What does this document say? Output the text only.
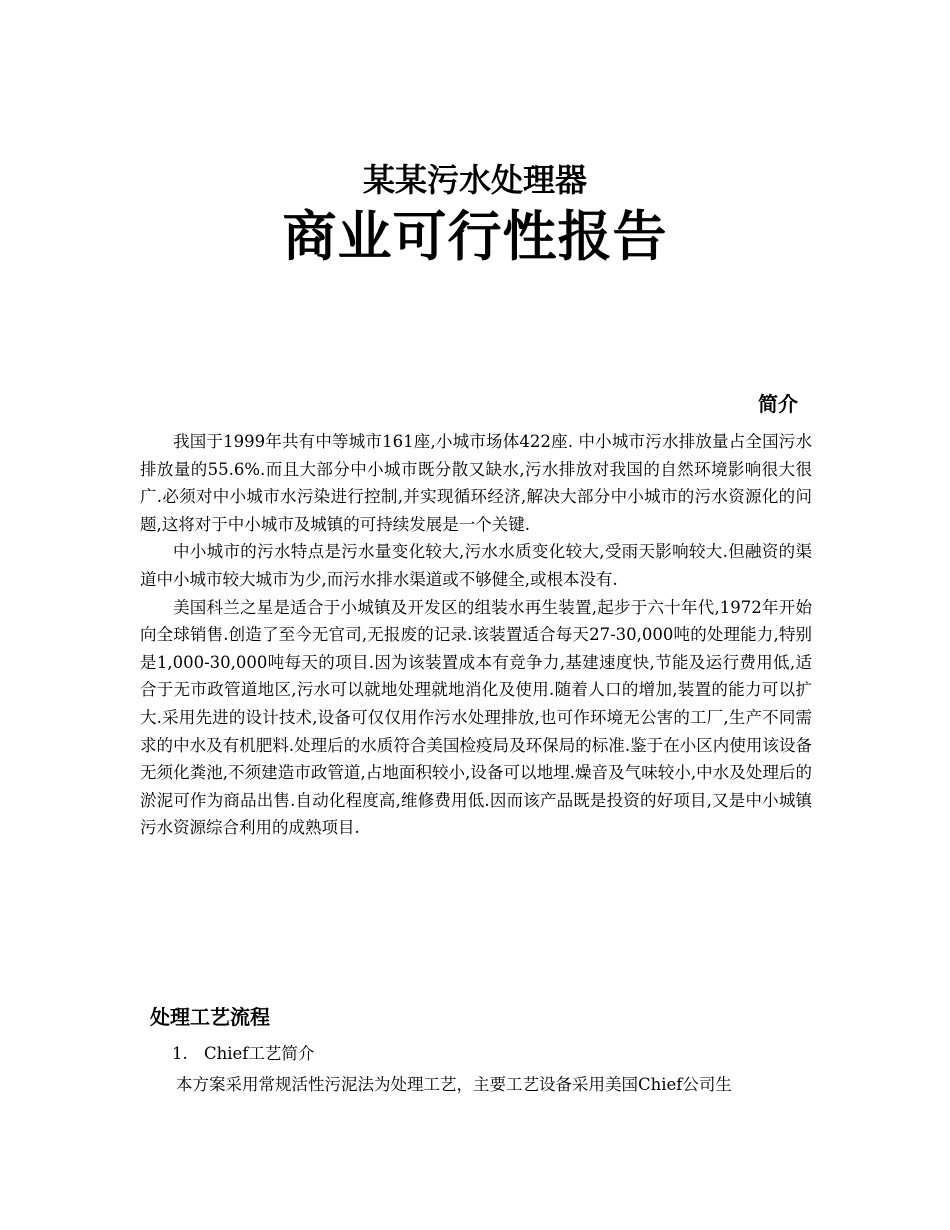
某某污水处理器
商业可行性报告
简介

我国于1999年共有中等城市161座,小城市场体422座. 中小城市污水排放量占全国污水排放量的55.6%.而且大部分中小城市既分散又缺水,污水排放对我国的自然环境影响很大很广.必须对中小城市水污染进行控制,并实现循环经济,解决大部分中小城市的污水资源化的问题,这将对于中小城市及城镇的可持续发展是一个关键.

中小城市的污水特点是污水量变化较大,污水水质变化较大,受雨天影响较大.但融资的渠道中小城市较大城市为少,而污水排水渠道或不够健全,或根本没有.

美国科兰之星是适合于小城镇及开发区的组装水再生装置,起步于六十年代,1972年开始向全球销售.创造了至今无官司,无报废的记录.该装置适合每天27-30,000吨的处理能力,特别是1,000-30,000吨每天的项目.因为该装置成本有竞争力,基建速度快,节能及运行费用低,适合于无市政管道地区,污水可以就地处理就地消化及使用.随着人口的增加,装置的能力可以扩大.采用先进的设计技术,设备可仅仅用作污水处理排放,也可作环境无公害的工厂,生产不同需求的中水及有机肥料.处理后的水质符合美国检疫局及环保局的标准.鉴于在小区内使用该设备无须化粪池,不须建造市政管道,占地面积较小,设备可以地埋.燥音及气味较小,中水及处理后的淤泥可作为商品出售.自动化程度高,维修费用低.因而该产品既是投资的好项目,又是中小城镇污水资源综合利用的成熟项目.

处理工艺流程
1. Chief工艺简介
本方案采用常规活性污泥法为处理工艺，主要工艺设备采用美国Chief公司生
